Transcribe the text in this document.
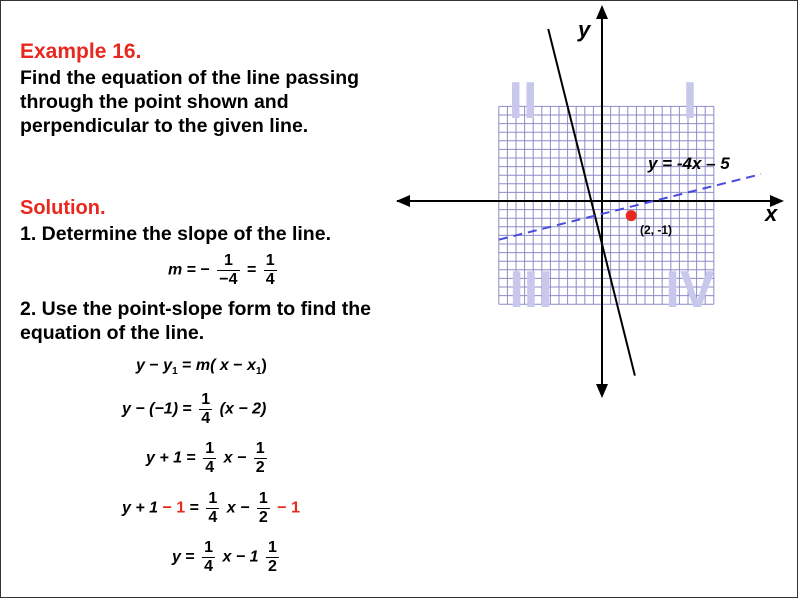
Example 16.
Find the equation of the line passing through the point shown and perpendicular to the given line.
Solution.
1. Determine the slope of the line.
m = − $\frac{1}{-4} = \frac{1}{4}$
2. Use the point-slope form to find the equation of the line.
$y - y_1 = m$( $x - x_1$)
$y - (-1) = \frac{1}{4} (x - 2)$
$y + 1 = \frac{1}{4}$ $x - \frac{1}{2}$
$y + 1 - 1 = \frac{1}{4}$ $x - \frac{1}{2} - 1$
$y = \frac{1}{4}$ $x - 1 \frac{1}{2}$
I
II
III IV
x
y
y = -4x – 5
(2, -1)
